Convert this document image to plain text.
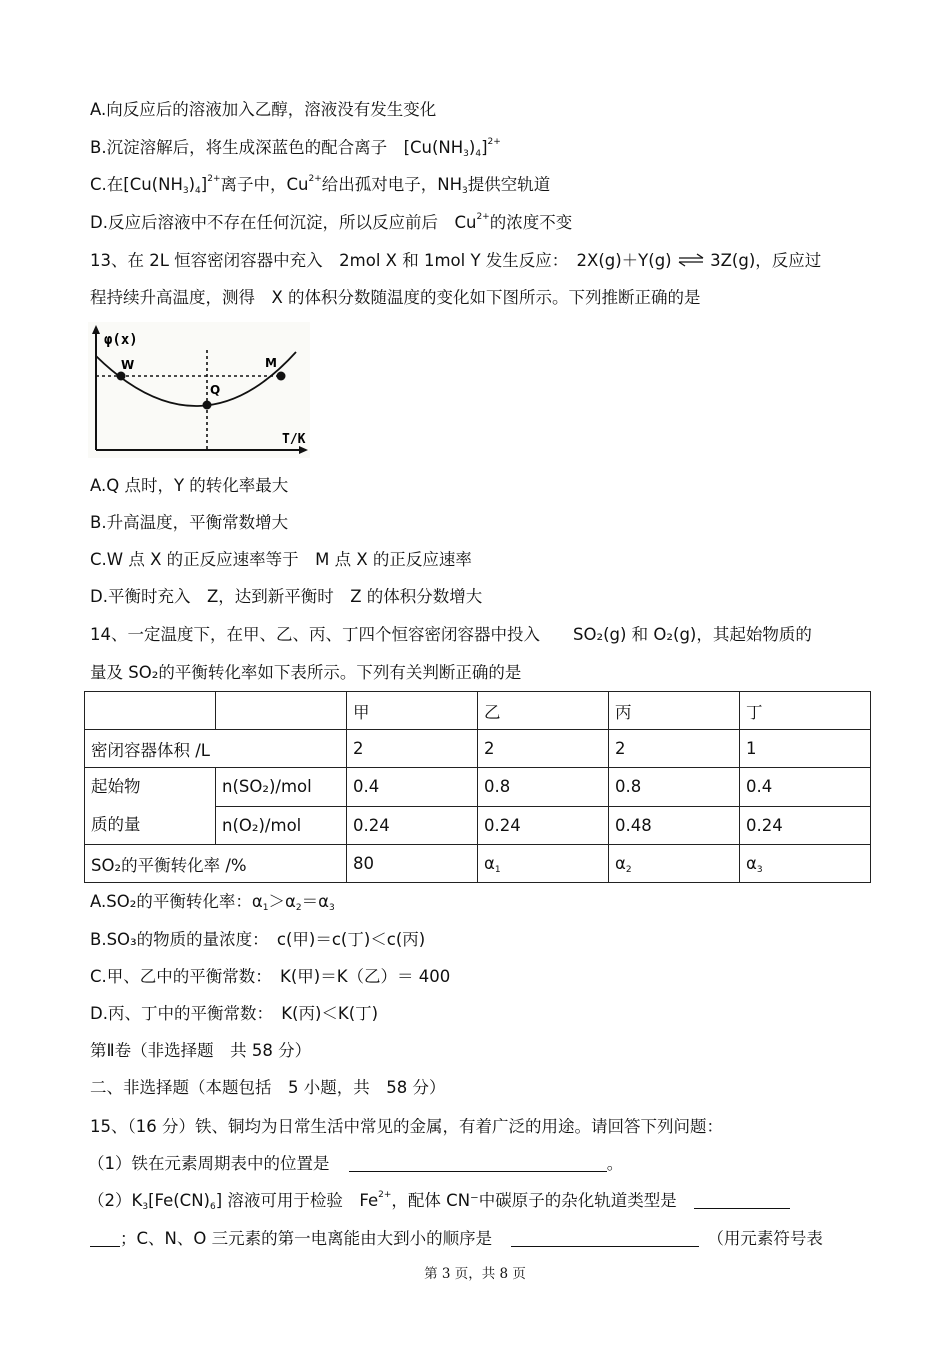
A.向反应后的溶液加入乙醇，溶液没有发生变化
B.沉淀溶解后，将生成深蓝色的配合离子　$[Cu(NH_3)_4]^{2+}$
C.在$[Cu(NH_3)_4]^{2+}$离子中，$Cu^{2+}$给出孤对电子，$NH_3$提供空轨道
D.反应后溶液中不存在任何沉淀，所以反应前后　$Cu^{2+}$的浓度不变
13、在 2L 恒容密闭容器中充入　2mol X 和 1mol Y 发生反应：　2X(g)＋Y(g) ⇌ 3Z(g)，反应过
程持续升高温度，测得　X 的体积分数随温度的变化如下图所示。下列推断正确的是
φ(x)
T/K
W
Q
M
A.Q 点时，Y 的转化率最大
B.升高温度，平衡常数增大
C.W 点 X 的正反应速率等于　M 点 X 的正反应速率
D.平衡时充入　Z，达到新平衡时　Z 的体积分数增大
14、一定温度下，在甲、乙、丙、丁四个恒容密闭容器中投入　　SO₂(g) 和 O₂(g)，其起始物质的
量及 SO₂的平衡转化率如下表所示。下列有关判断正确的是
		甲	乙	丙	丁
密闭容器体积 /L		2	2	2	1

起始物
质的量	n(SO₂)/mol	0.4	0.8	0.8	0.4
	n(O₂)/mol	0.24	0.24	0.48	0.24
SO₂的平衡转化率 /%		80	$\alpha_1$	$\alpha_2$	$\alpha_3$
A.SO₂的平衡转化率：$\alpha_1>\alpha_2=\alpha_3$
B.SO₃的物质的量浓度：　c(甲)＝c(丁)＜c(丙)
C.甲、乙中的平衡常数：　K(甲)＝K（乙）＝ 400
D.丙、丁中的平衡常数：　K(丙)＜K(丁)
第Ⅱ卷（非选择题　共 58 分）
二、非选择题（本题包括　5 小题，共　58 分）
15、（16 分）铁、铜均为日常生活中常见的金属，有着广泛的用途。请回答下列问题：
（1）铁在元素周期表中的位置是	。
$(2)K_3[Fe(CN)_6]$ 溶液可用于检验　$Fe^{2+}$，配体 CN⁻中碳原子的杂化轨道类型是
；C、N、O 三元素的第一电离能由大到小的顺序是	（用元素符号表
第 3 页，共 8 页
